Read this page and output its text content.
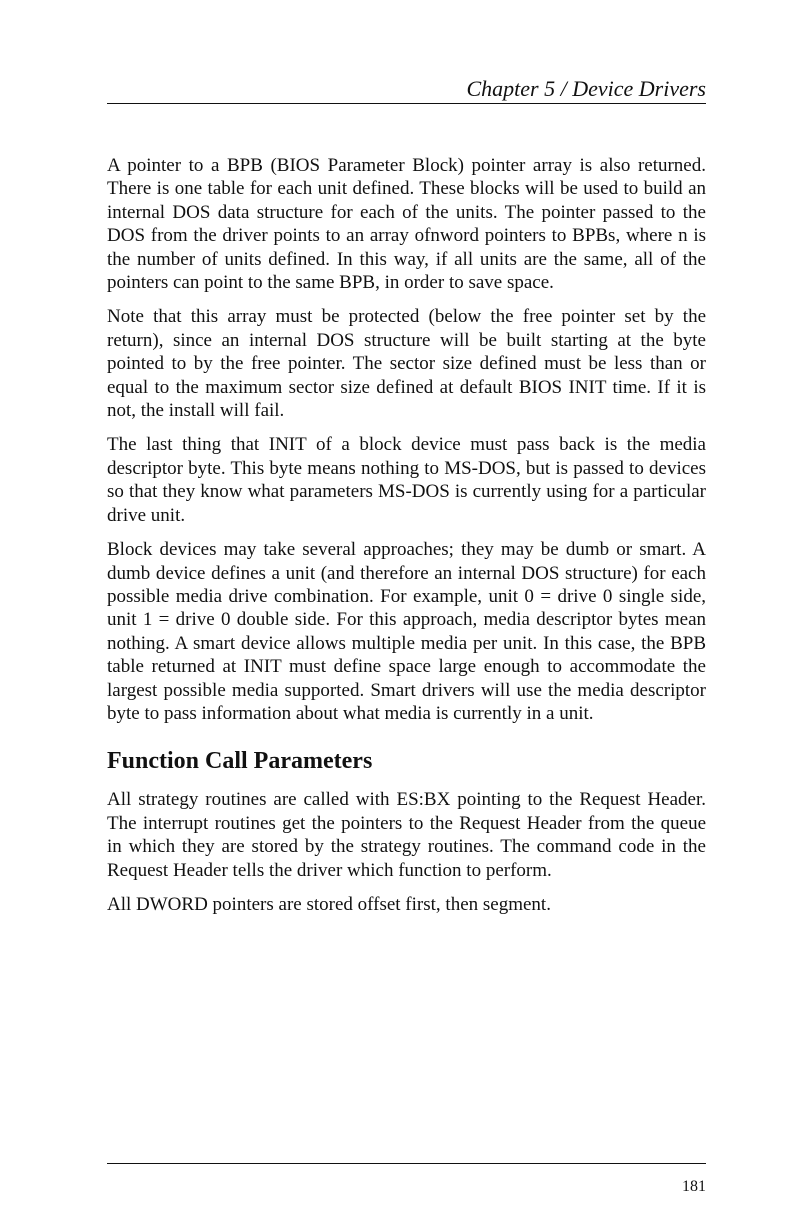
Chapter 5 / Device Drivers

A pointer to a BPB (BIOS Parameter Block) pointer array is also returned. There is one table for each unit defined. These blocks will be used to build an internal DOS data structure for each of the units. The pointer passed to the DOS from the driver points to an array ofnword pointers to BPBs, where n is the number of units defined. In this way, if all units are the same, all of the pointers can point to the same BPB, in order to save space.

Note that this array must be protected (below the free pointer set by the return), since an internal DOS structure will be built starting at the byte pointed to by the free pointer. The sector size defined must be less than or equal to the maximum sector size defined at default BIOS INIT time. If it is not, the install will fail.

The last thing that INIT of a block device must pass back is the media descriptor byte. This byte means nothing to MS-DOS, but is passed to devices so that they know what parameters MS-DOS is currently using for a particular drive unit.

Block devices may take several approaches; they may be dumb or smart. A dumb device defines a unit (and therefore an internal DOS structure) for each possible media drive combination. For example, unit 0 = drive 0 single side, unit 1 = drive 0 double side. For this approach, media descriptor bytes mean nothing. A smart device allows multiple media per unit. In this case, the BPB table returned at INIT must define space large enough to accommodate the largest possible media supported. Smart drivers will use the media descriptor byte to pass information about what media is currently in a unit.

Function Call Parameters

All strategy routines are called with ES:BX pointing to the Request Header. The interrupt routines get the pointers to the Request Header from the queue in which they are stored by the strategy routines. The command code in the Request Header tells the driver which function to perform.

All DWORD pointers are stored offset first, then segment.

181
